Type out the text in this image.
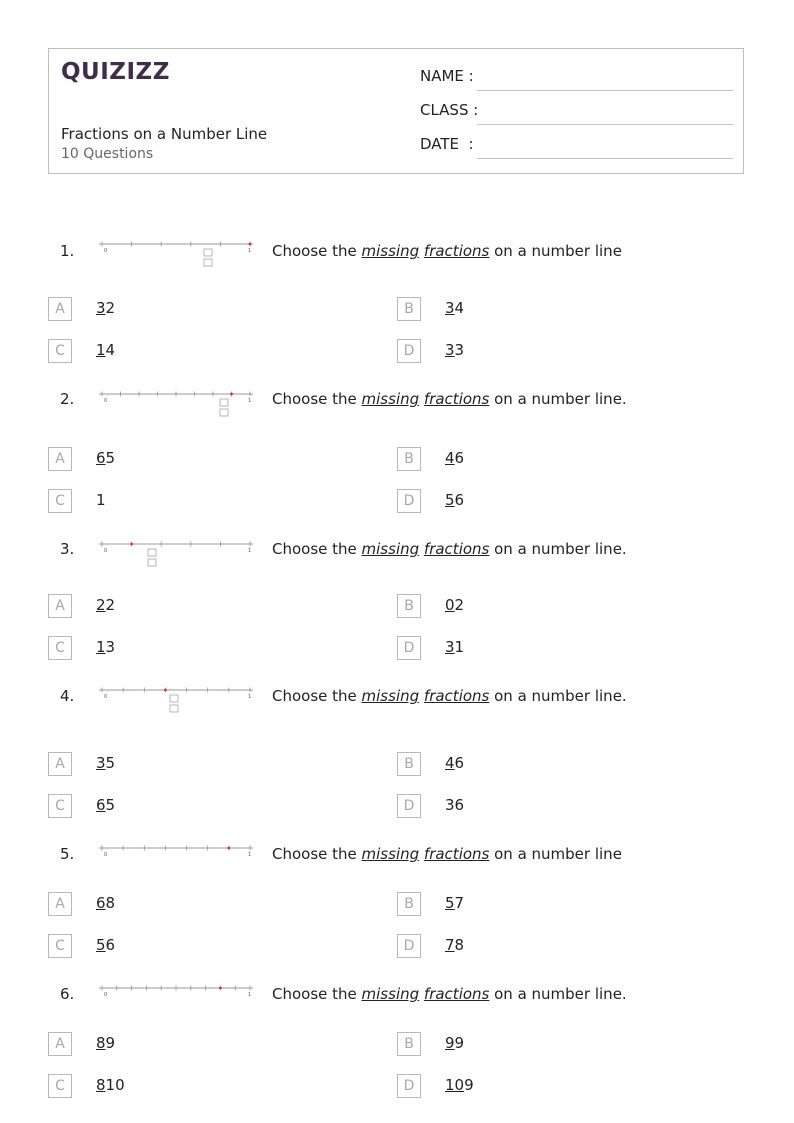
QUIZIZZ
Fractions on a Number Line
10 Questions
NAME :
CLASS :
DATE  :
1.	0	1 Choose the missing fractions on a number line
A	32	B	34
C	14	D	33
2.	0	1 Choose the missing fractions on a number line.
A	65	B	46
C	1	D	56
3.	0	1 Choose the missing fractions on a number line.
A	22	B	02
C	13	D	31
4.	0	1 Choose the missing fractions on a number line.
A	35	B	46
C	65	D	36
5.	0	1 Choose the missing fractions on a number line
A	68	B	57
C	56	D	78
6.	0	1 Choose the missing fractions on a number line.
A	89	B	99
C	810	D	109
